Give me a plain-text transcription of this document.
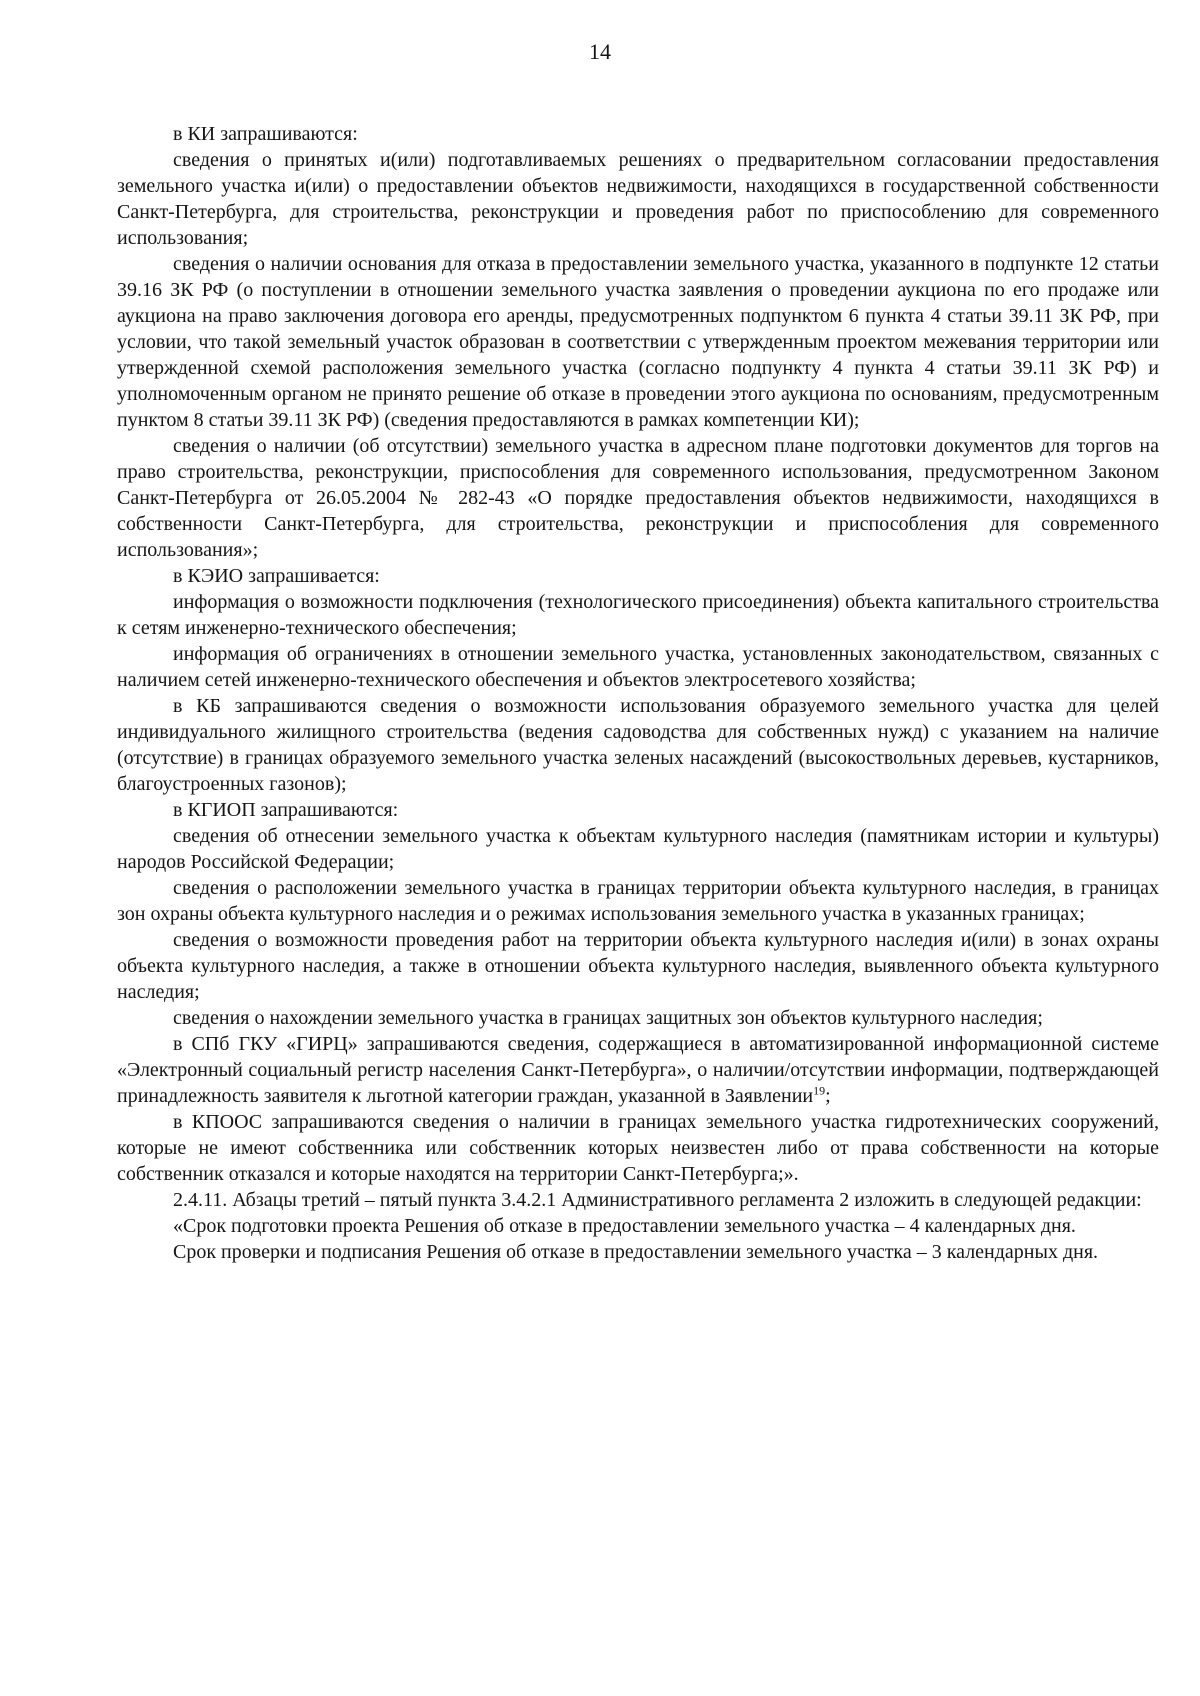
14

в КИ запрашиваются:

сведения о принятых и(или) подготавливаемых решениях о предварительном согласовании предоставления земельного участка и(или) о предоставлении объектов недвижимости, находящихся в государственной собственности Санкт-Петербурга, для строительства, реконструкции и проведения работ по приспособлению для современного использования;

сведения о наличии основания для отказа в предоставлении земельного участка, указанного в подпункте 12 статьи 39.16 ЗК РФ (о поступлении в отношении земельного участка заявления о проведении аукциона по его продаже или аукциона на право заключения договора его аренды, предусмотренных подпунктом 6 пункта 4 статьи 39.11 ЗК РФ, при условии, что такой земельный участок образован в соответствии с утвержденным проектом межевания территории или утвержденной схемой расположения земельного участка (согласно подпункту 4 пункта 4 статьи 39.11 ЗК РФ) и уполномоченным органом не принято решение об отказе в проведении этого аукциона по основаниям, предусмотренным пунктом 8 статьи 39.11 ЗК РФ) (сведения предоставляются в рамках компетенции КИ);

сведения о наличии (об отсутствии) земельного участка в адресном плане подготовки документов для торгов на право строительства, реконструкции, приспособления для современного использования, предусмотренном Законом Санкт-Петербурга от 26.05.2004 № 282-43 «О порядке предоставления объектов недвижимости, находящихся в собственности Санкт-Петербурга, для строительства, реконструкции и приспособления для современного использования»;

в КЭИО запрашивается:

информация о возможности подключения (технологического присоединения) объекта капитального строительства к сетям инженерно-технического обеспечения;

информация об ограничениях в отношении земельного участка, установленных законодательством, связанных с наличием сетей инженерно-технического обеспечения и объектов электросетевого хозяйства;

в КБ запрашиваются сведения о возможности использования образуемого земельного участка для целей индивидуального жилищного строительства (ведения садоводства для собственных нужд) с указанием на наличие (отсутствие) в границах образуемого земельного участка зеленых насаждений (высокоствольных деревьев, кустарников, благоустроенных газонов);

в КГИОП запрашиваются:

сведения об отнесении земельного участка к объектам культурного наследия (памятникам истории и культуры) народов Российской Федерации;

сведения о расположении земельного участка в границах территории объекта культурного наследия, в границах зон охраны объекта культурного наследия и о режимах использования земельного участка в указанных границах;

сведения о возможности проведения работ на территории объекта культурного наследия и(или) в зонах охраны объекта культурного наследия, а также в отношении объекта культурного наследия, выявленного объекта культурного наследия;

сведения о нахождении земельного участка в границах защитных зон объектов культурного наследия;

в СПб ГКУ «ГИРЦ» запрашиваются сведения, содержащиеся в автоматизированной информационной системе «Электронный социальный регистр населения Санкт-Петербурга», о наличии/отсутствии информации, подтверждающей принадлежность заявителя к льготной категории граждан, указанной в Заявлении$^{19}$;

в КПООС запрашиваются сведения о наличии в границах земельного участка гидротехнических сооружений, которые не имеют собственника или собственник которых неизвестен либо от права собственности на которые собственник отказался и которые находятся на территории Санкт-Петербурга;».

2.4.11. Абзацы третий – пятый пункта 3.4.2.1 Административного регламента 2 изложить в следующей редакции:

«Срок подготовки проекта Решения об отказе в предоставлении земельного участка – 4 календарных дня.

Срок проверки и подписания Решения об отказе в предоставлении земельного участка – 3 календарных дня.
